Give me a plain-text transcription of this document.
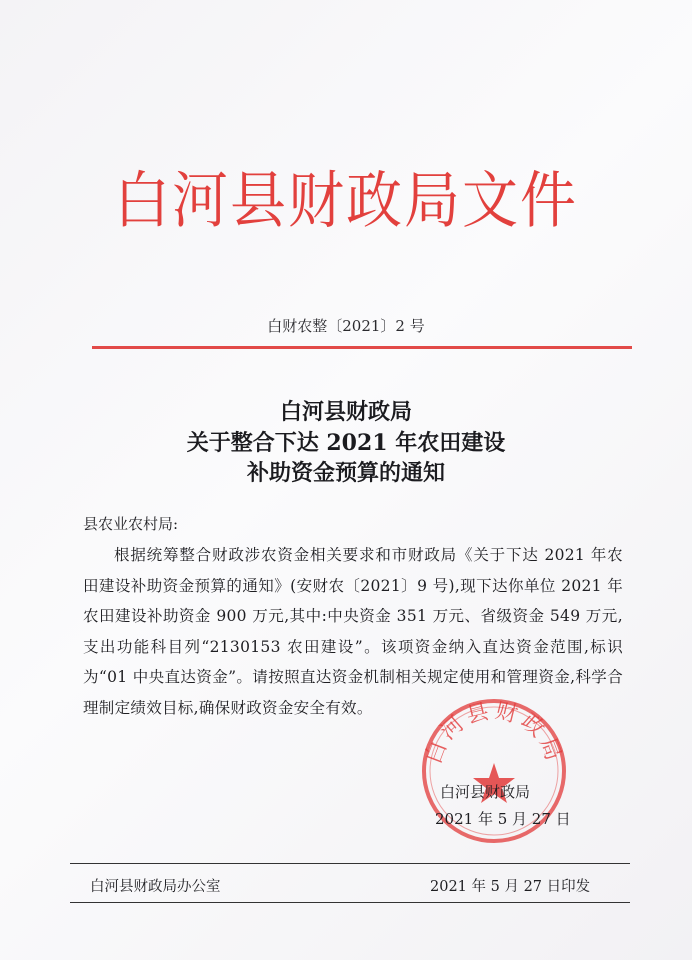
白河县财政局文件
白财农整〔2021〕2 号
白河县财政局
关于整合下达 2021 年农田建设
补助资金预算的通知
县农业农村局:
根据统筹整合财政涉农资金相关要求和市财政局《关于下达 2021 年农田建设补助资金预算的通知》(安财农〔2021〕9 号),现下达你单位 2021 年农田建设补助资金 900 万元,其中:中央资金 351 万元、省级资金 549 万元,支出功能科目列“2130153 农田建设”。该项资金纳入直达资金范围,标识为“01 中央直达资金”。请按照直达资金机制相关规定使用和管理资金,科学合理制定绩效目标,确保财政资金安全有效。
白河县财政局
白河县财政局
2021 年 5 月 27 日
白河县财政局办公室	2021 年 5 月 27 日印发
